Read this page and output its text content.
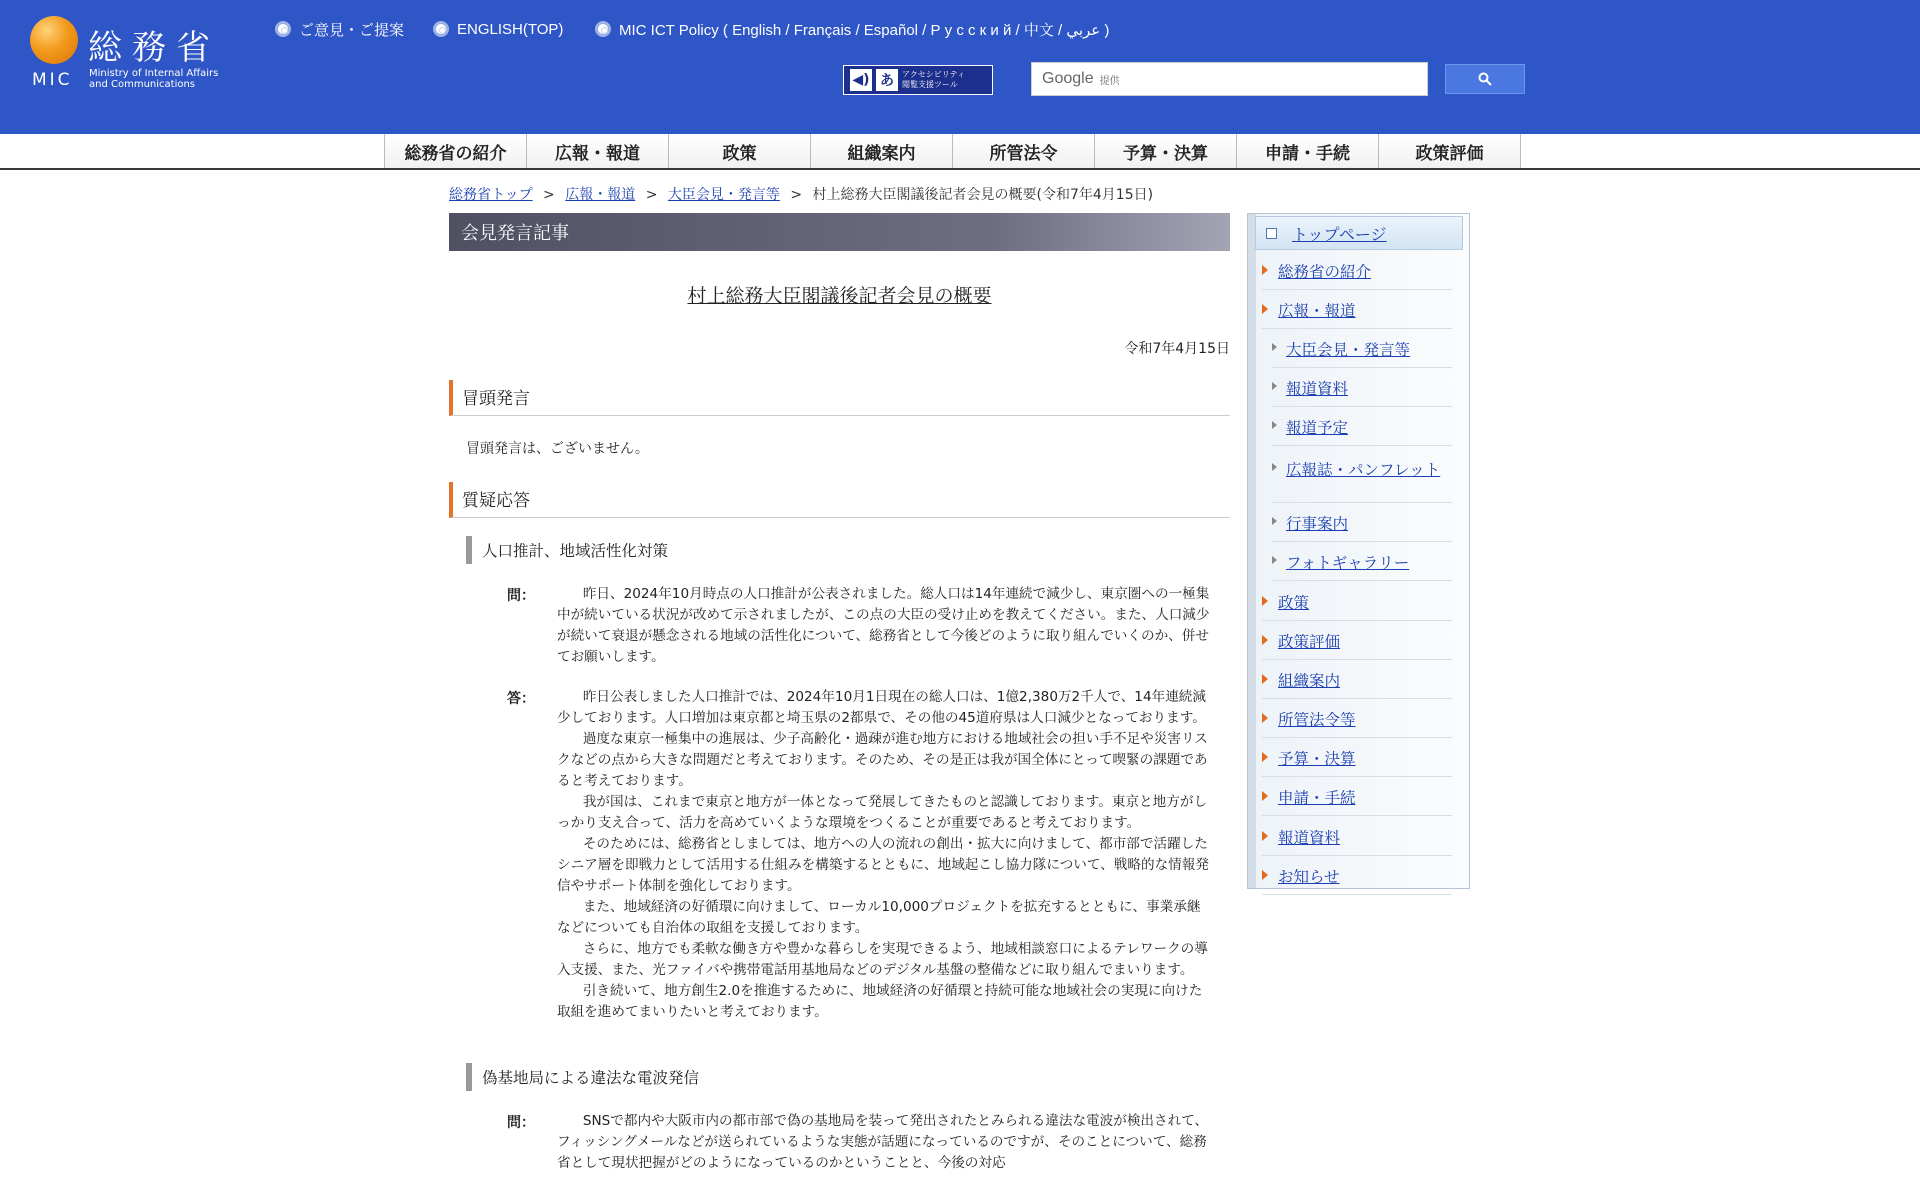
総務省
MIC Ministry of Internal Affairs
and Communications
ご意見・ご提案	ENGLISH(TOP)	MIC ICT Policy ( English / Français / Español / Р у с с к и й / 中文 / عربي )
◀) あ	アクセシビリティ
閲覧支援ツール	Google 提供
総務省の紹介	広報・報道	政策	組織案内	所管法令	予算・決算	申請・手続	政策評価
総務省トップ > 広報・報道 > 大臣会見・発言等 > 村上総務大臣閣議後記者会見の概要(令和7年4月15日)
会見発言記事
村上総務大臣閣議後記者会見の概要
令和7年4月15日
冒頭発言
冒頭発言は、ございません。
質疑応答
人口推計、地域活性化対策
問：	昨日、2024年10月時点の人口推計が公表されました。総人口は14年連続で減少し、東京圏への一極集中が続いている状況が改めて示されましたが、この点の大臣の受け止めを教えてください。また、人口減少が続いて衰退が懸念される地域の活性化について、総務省として今後どのように取り組んでいくのか、併せてお願いします。

答：	昨日公表しました人口推計では、2024年10月1日現在の総人口は、1億2,380万2千人で、14年連続減少しております。人口増加は東京都と埼玉県の2都県で、その他の45道府県は人口減少となっております。

過度な東京一極集中の進展は、少子高齢化・過疎が進む地方における地域社会の担い手不足や災害リスクなどの点から大きな問題だと考えております。そのため、その是正は我が国全体にとって喫緊の課題であると考えております。

我が国は、これまで東京と地方が一体となって発展してきたものと認識しております。東京と地方がしっかり支え合って、活力を高めていくような環境をつくることが重要であると考えております。

そのためには、総務省としましては、地方への人の流れの創出・拡大に向けまして、都市部で活躍したシニア層を即戦力として活用する仕組みを構築するとともに、地域起こし協力隊について、戦略的な情報発信やサポート体制を強化しております。

また、地域経済の好循環に向けまして、ローカル10,000プロジェクトを拡充するとともに、事業承継などについても自治体の取組を支援しております。

さらに、地方でも柔軟な働き方や豊かな暮らしを実現できるよう、地域相談窓口によるテレワークの導入支援、また、光ファイバや携帯電話用基地局などのデジタル基盤の整備などに取り組んでまいります。

引き続いて、地方創生2.0を推進するために、地域経済の好循環と持続可能な地域社会の実現に向けた取組を進めてまいりたいと考えております。

偽基地局による違法な電波発信
問：	SNSで都内や大阪市内の都市部で偽の基地局を装って発出されたとみられる違法な電波が検出されて、フィッシングメールなどが送られているような実態が話題になっているのですが、そのことについて、総務省として現状把握がどのようになっているのかということと、今後の対応

トップページ
総務省の紹介
広報・報道
大臣会見・発言等
報道資料
報道予定
広報誌・パンフレット
行事案内
フォトギャラリー
政策
政策評価
組織案内
所管法令等
予算・決算
申請・手続
報道資料
お知らせ
